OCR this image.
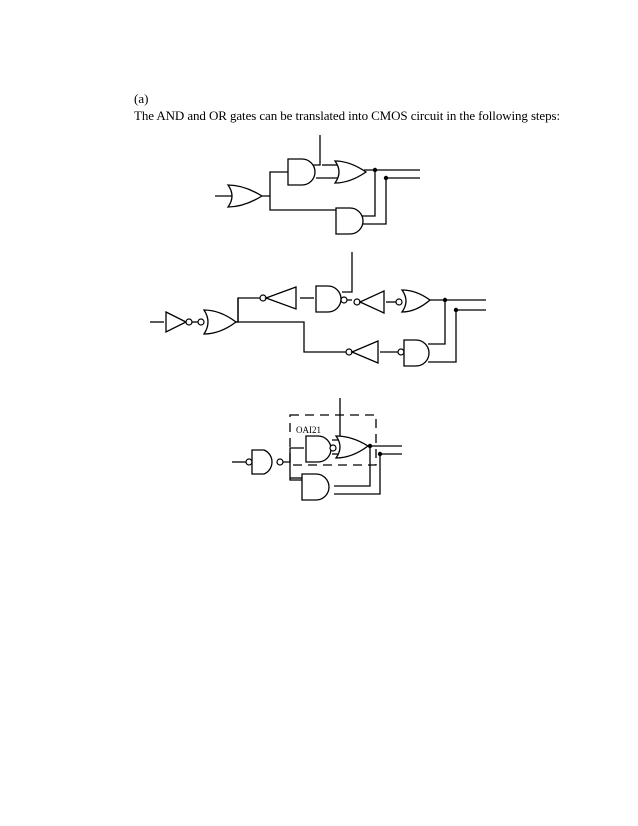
(a)
The AND and OR gates can be translated into CMOS circuit in the following steps:
OAI21
